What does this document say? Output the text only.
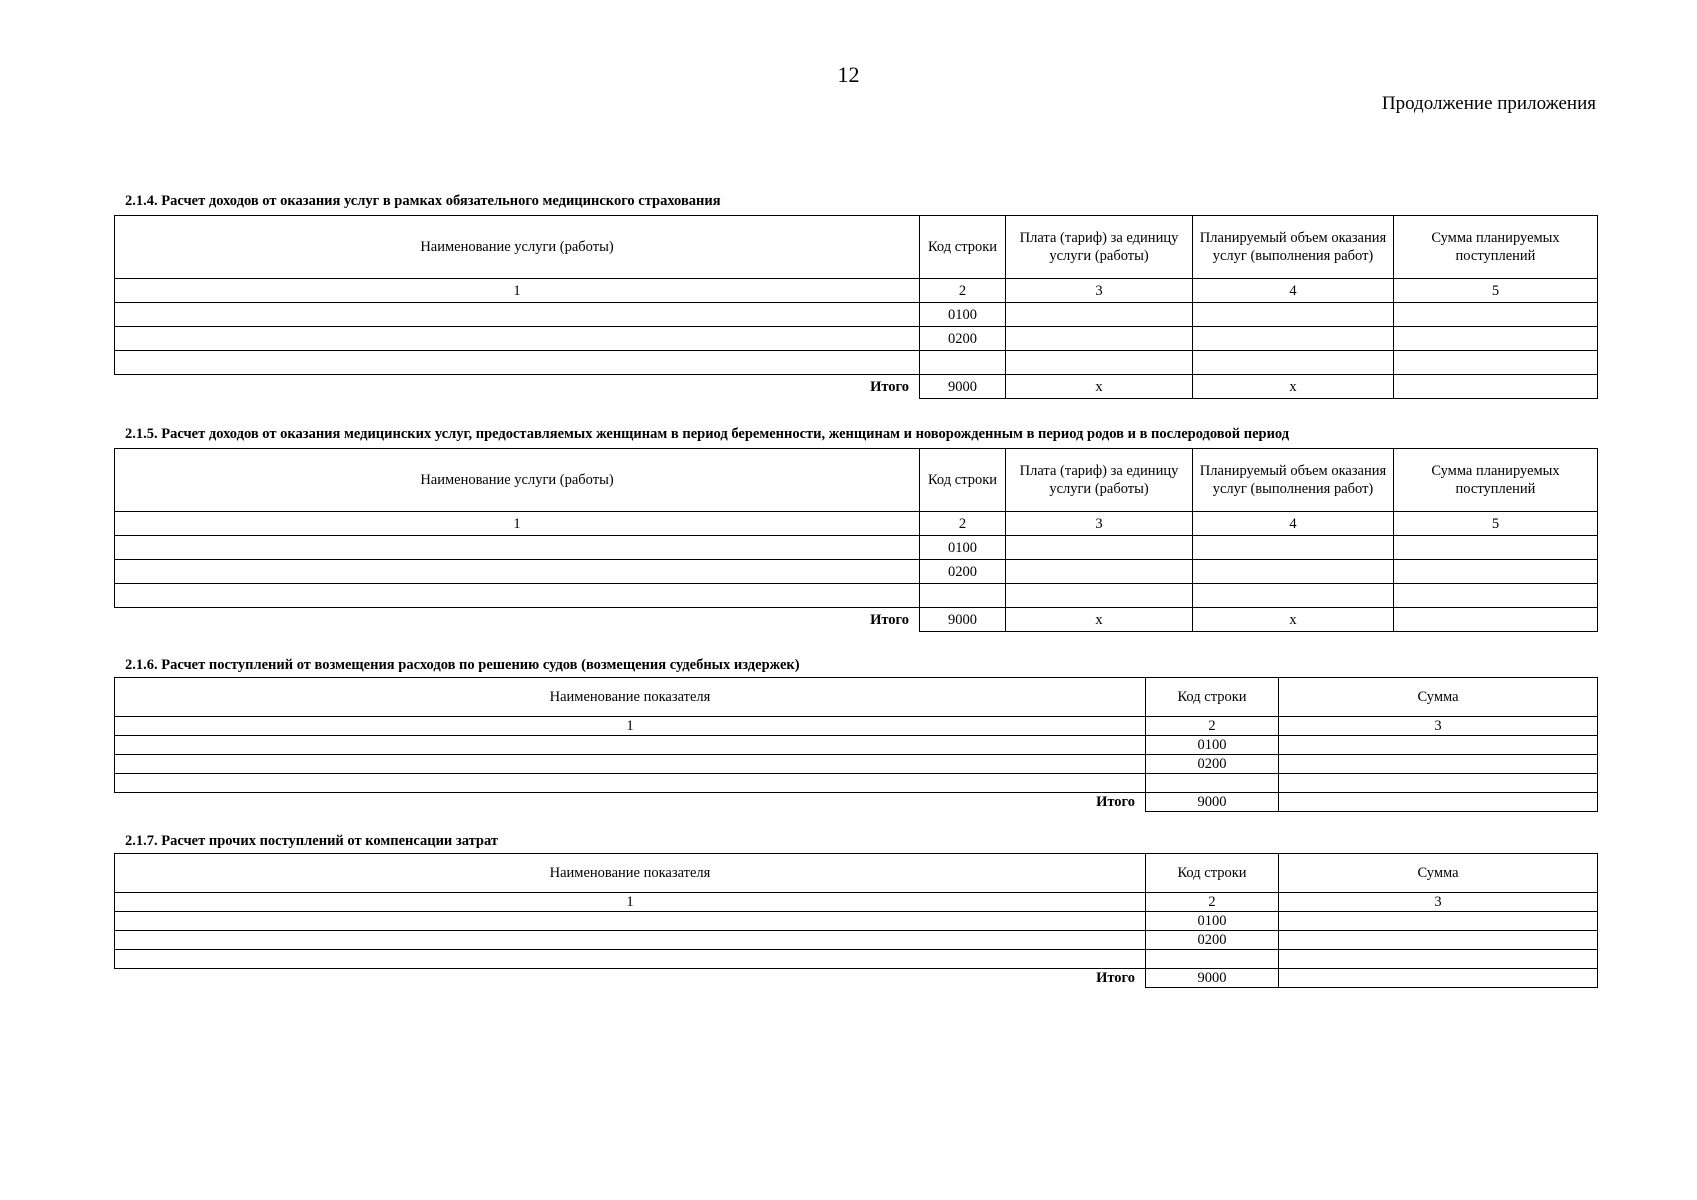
12
Продолжение приложения
2.1.4. Расчет доходов от оказания услуг в рамках обязательного медицинского страхования
Наименование услуги (работы)	Код строки	Плата (тариф) за единицу услуги (работы)	Планируемый объем оказания услуг (выполнения работ)	Сумма планируемых поступлений
1	2	3	4	5
	0100			
	0200			

Итого	9000	х	х	
2.1.5. Расчет доходов от оказания медицинских услуг, предоставляемых женщинам в период беременности, женщинам и новорожденным в период родов и в послеродовой период
Наименование услуги (работы)	Код строки	Плата (тариф) за единицу услуги (работы)	Планируемый объем оказания услуг (выполнения работ)	Сумма планируемых поступлений
1	2	3	4	5
	0100			
	0200			

Итого	9000	х	х	
2.1.6. Расчет поступлений от возмещения расходов по решению судов (возмещения судебных издержек)
Наименование показателя	Код строки	Сумма
1	2	3
	0100	
	0200	

Итого	9000	
2.1.7. Расчет прочих поступлений от компенсации затрат
Наименование показателя	Код строки	Сумма
1	2	3
	0100	
	0200	

Итого	9000	
